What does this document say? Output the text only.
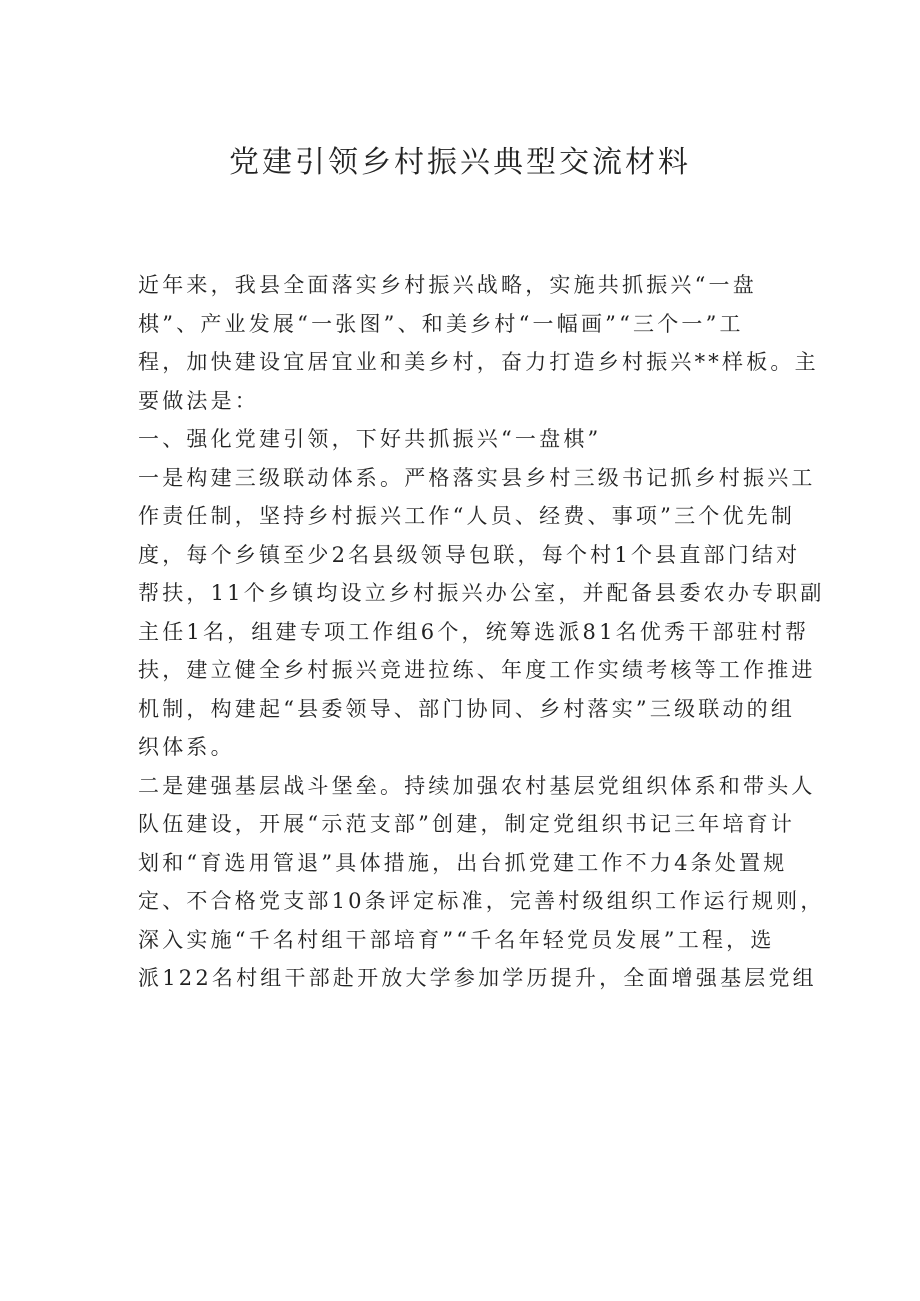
党建引领乡村振兴典型交流材料

近年来，我县全面落实乡村振兴战略，实施共抓振兴“一盘
棋”、产业发展“一张图”、和美乡村“一幅画”“三个一”工
程，加快建设宜居宜业和美乡村，奋力打造乡村振兴**样板。主
要做法是：

一、强化党建引领，下好共抓振兴“一盘棋”

一是构建三级联动体系。严格落实县乡村三级书记抓乡村振兴工
作责任制，坚持乡村振兴工作“人员、经费、事项”三个优先制
度，每个乡镇至少2名县级领导包联，每个村1个县直部门结对
帮扶，11个乡镇均设立乡村振兴办公室，并配备县委农办专职副
主任1名，组建专项工作组6个，统筹选派81名优秀干部驻村帮
扶，建立健全乡村振兴竞进拉练、年度工作实绩考核等工作推进
机制，构建起“县委领导、部门协同、乡村落实”三级联动的组
织体系。

二是建强基层战斗堡垒。持续加强农村基层党组织体系和带头人
队伍建设，开展“示范支部”创建，制定党组织书记三年培育计
划和“育选用管退”具体措施，出台抓党建工作不力4条处置规
定、不合格党支部10条评定标准，完善村级组织工作运行规则，
深入实施“千名村组干部培育”“千名年轻党员发展”工程，选
派122名村组干部赴开放大学参加学历提升，全面增强基层党组
